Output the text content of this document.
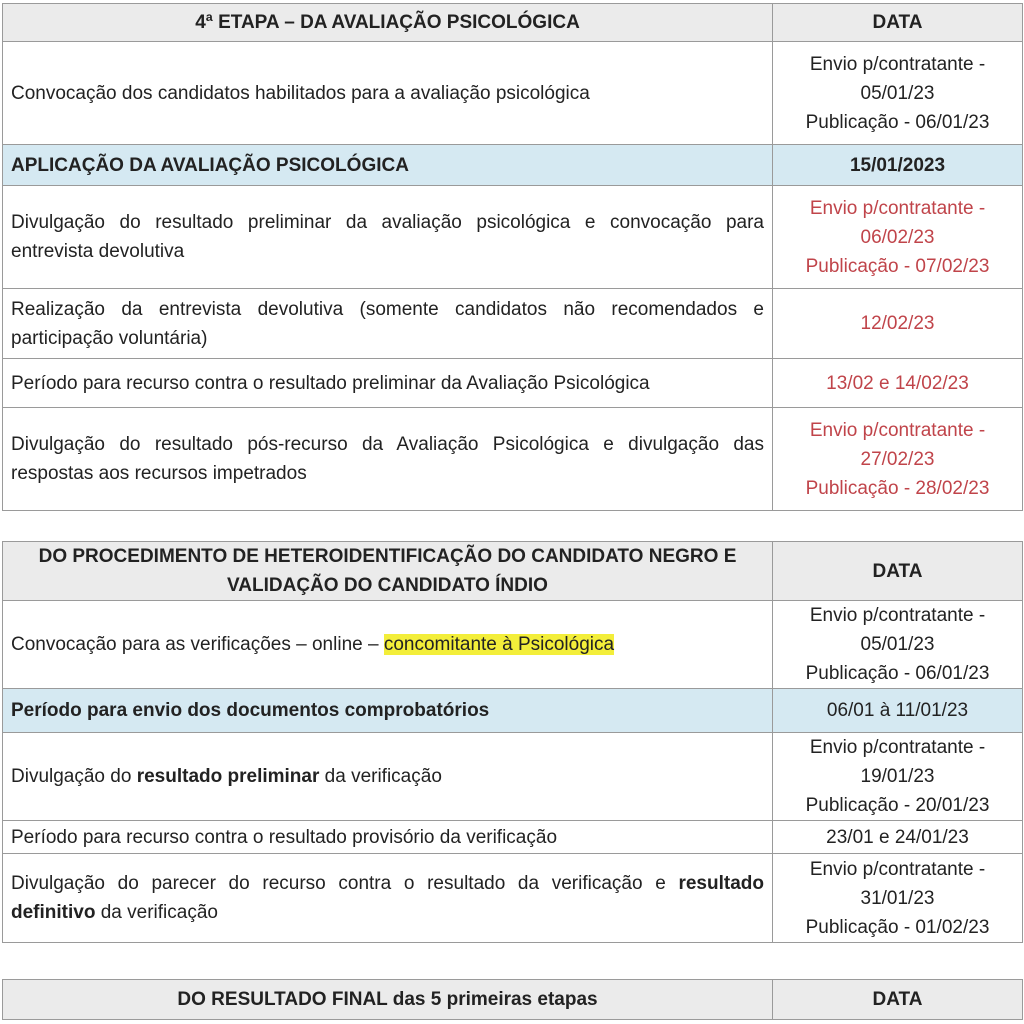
4ª ETAPA – DA AVALIAÇÃO PSICOLÓGICA	DATA
Convocação dos candidatos habilitados para a avaliação psicológica	Envio p/contratante -
05/01/23
Publicação - 06/01/23

APLICAÇÃO DA AVALIAÇÃO PSICOLÓGICA	15/01/2023

Divulgação do resultado preliminar da avaliação psicológica e convocação para entrevista devolutiva	Envio p/contratante -
06/02/23
Publicação - 07/02/23

Realização da entrevista devolutiva (somente candidatos não recomendados e participação voluntária)	12/02/23

Período para recurso contra o resultado preliminar da Avaliação Psicológica	13/02 e 14/02/23

Divulgação do resultado pós-recurso da Avaliação Psicológica e divulgação das respostas aos recursos impetrados	Envio p/contratante -
27/02/23
Publicação - 28/02/23
DO PROCEDIMENTO DE HETEROIDENTIFICAÇÃO DO CANDIDATO NEGRO E
VALIDAÇÃO DO CANDIDATO ÍNDIO	DATA
Convocação para as verificações – online – concomitante à Psicológica	Envio p/contratante -
05/01/23
Publicação - 06/01/23

Período para envio dos documentos comprobatórios	06/01 à 11/01/23

Divulgação do resultado preliminar da verificação	Envio p/contratante -
19/01/23
Publicação - 20/01/23

Período para recurso contra o resultado provisório da verificação	23/01 e 24/01/23

Divulgação do parecer do recurso contra o resultado da verificação e resultado definitivo da verificação	Envio p/contratante -
31/01/23
Publicação - 01/02/23
DO RESULTADO FINAL das 5 primeiras etapas	DATA
